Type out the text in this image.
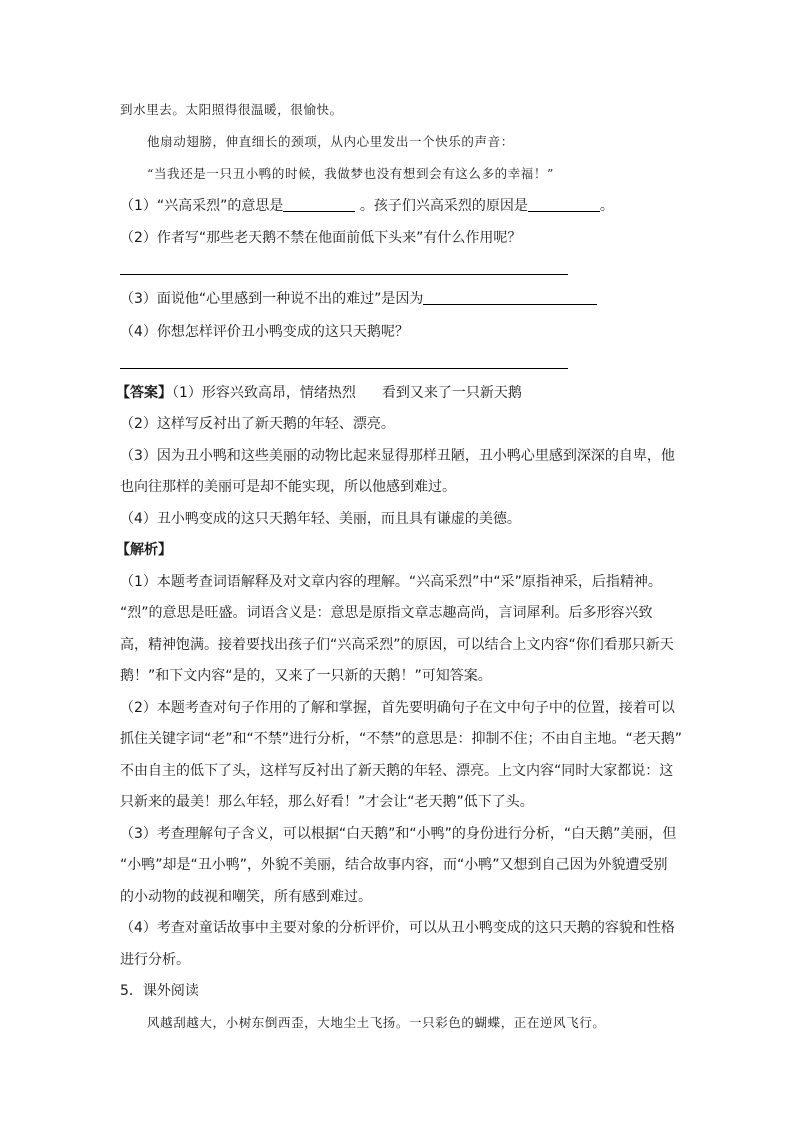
到水里去。太阳照得很温暖，很愉快。
他扇动翅膀，伸直细长的颈项，从内心里发出一个快乐的声音：
“当我还是一只丑小鸭的时候，我做梦也没有想到会有这么多的幸福！”
（1）“兴高采烈”的意思是	。孩子们兴高采烈的原因是	。
（2）作者写“那些老天鹅不禁在他面前低下头来”有什么作用呢？
（3）面说他“心里感到一种说不出的难过”是因为
（4）你想怎样评价丑小鸭变成的这只天鹅呢？
【答案】（1）形容兴致高昂，情绪热烈 看到又来了一只新天鹅
（2）这样写反衬出了新天鹅的年轻、漂亮。
（3）因为丑小鸭和这些美丽的动物比起来显得那样丑陋，丑小鸭心里感到深深的自卑，他
也向往那样的美丽可是却不能实现，所以他感到难过。
（4）丑小鸭变成的这只天鹅年轻、美丽，而且具有谦虚的美德。
【解析】
（1）本题考查词语解释及对文章内容的理解。“兴高采烈”中“采”原指神采，后指精神。
“烈”的意思是旺盛。词语含义是：意思是原指文章志趣高尚，言词犀利。后多形容兴致
高，精神饱满。接着要找出孩子们“兴高采烈”的原因，可以结合上文内容“你们看那只新天
鹅！”和下文内容“是的，又来了一只新的天鹅！”可知答案。
（2）本题考查对句子作用的了解和掌握，首先要明确句子在文中句子中的位置，接着可以
抓住关键字词“老”和“不禁”进行分析，“不禁”的意思是：抑制不住；不由自主地。“老天鹅”
不由自主的低下了头，这样写反衬出了新天鹅的年轻、漂亮。上文内容“同时大家都说：这
只新来的最美！那么年轻，那么好看！”才会让“老天鹅”低下了头。
（3）考查理解句子含义，可以根据“白天鹅”和“小鸭”的身份进行分析，“白天鹅”美丽，但
“小鸭”却是“丑小鸭”，外貌不美丽，结合故事内容，而“小鸭”又想到自己因为外貌遭受别
的小动物的歧视和嘲笑，所有感到难过。
（4）考查对童话故事中主要对象的分析评价，可以从丑小鸭变成的这只天鹅的容貌和性格
进行分析。
5．课外阅读
风越刮越大，小树东倒西歪，大地尘土飞扬。一只彩色的蝴蝶，正在逆风飞行。
